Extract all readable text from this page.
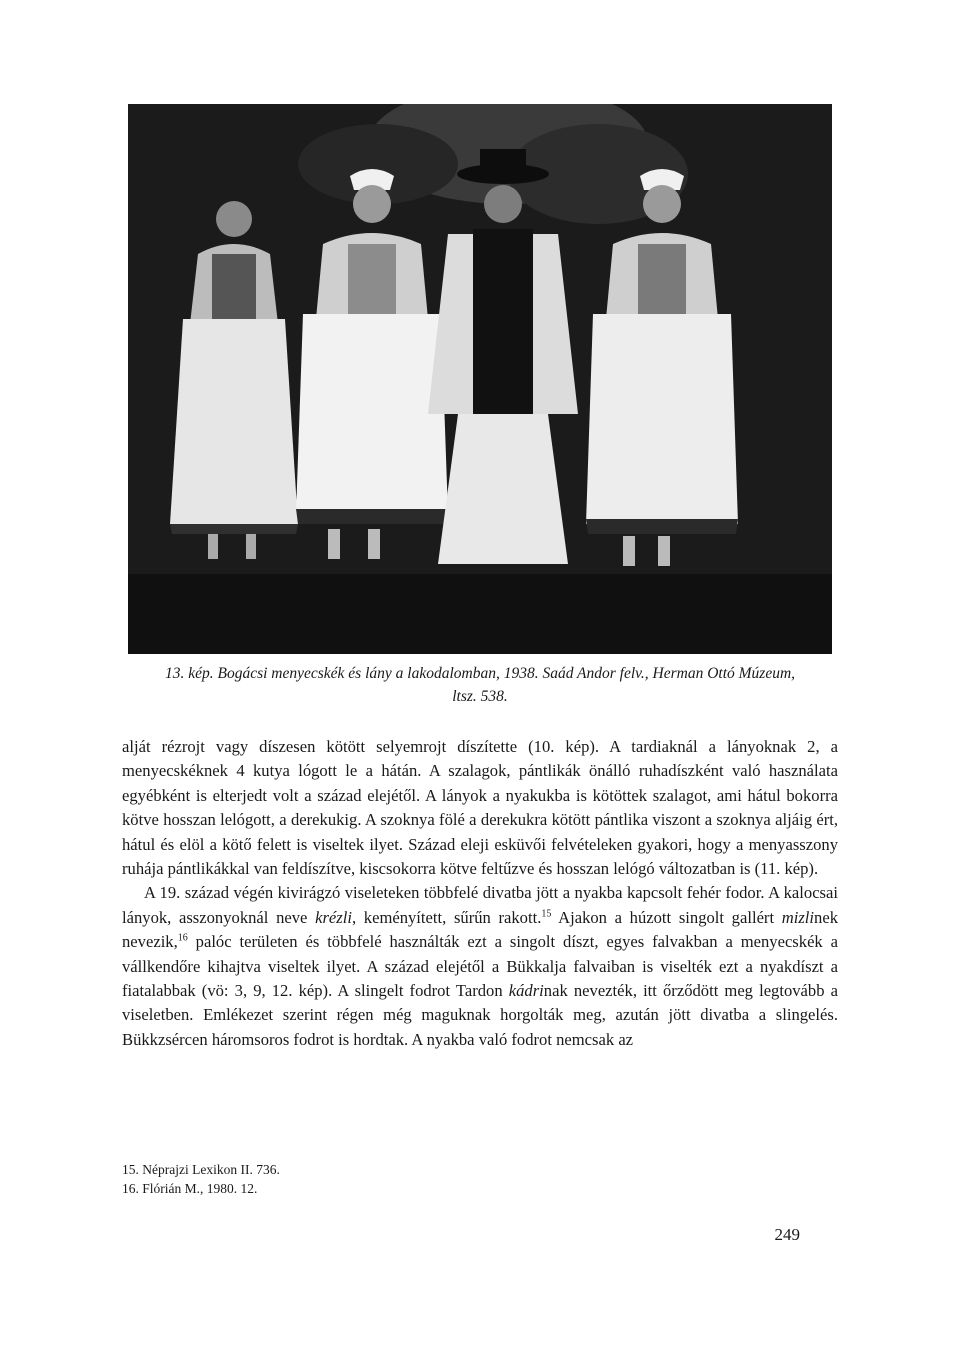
13. kép. Bogácsi menyecskék és lány a lakodalomban, 1938. Saád Andor felv., Herman Ottó Múzeum,
ltsz. 538.

alját rézrojt vagy díszesen kötött selyemrojt díszítette (10. kép). A tardiaknál a lányoknak 2, a menyecskéknek 4 kutya lógott le a hátán. A szalagok, pántlikák önálló ruhadíszként való használata egyébként is elterjedt volt a század elejétől. A lányok a nyakukba is kötöttek szalagot, ami hátul bokorra kötve hosszan lelógott, a derekukig. A szoknya fölé a derekukra kötött pántlika viszont a szoknya aljáig ért, hátul és elöl a kötő felett is viseltek ilyet. Század eleji esküvői felvételeken gyakori, hogy a menyasszony ruhája pántlikákkal van feldíszítve, kiscsokorra kötve feltűzve és hosszan lelógó változatban is (11. kép).

A 19. század végén kivirágzó viseleteken többfelé divatba jött a nyakba kapcsolt fehér fodor. A kalocsai lányok, asszonyoknál neve krézli, keményített, sűrűn rakott.$^{15}$ Ajakon a húzott singolt gallért mizlinek nevezik,$^{16}$ palóc területen és többfelé használták ezt a singolt díszt, egyes falvakban a menyecskék a vállkendőre kihajtva viseltek ilyet. A század elejétől a Bükkalja falvaiban is viselték ezt a nyakdíszt a fiatalabbak (vö: 3, 9, 12. kép). A slingelt fodrot Tardon kádrinak nevezték, itt őrződött meg legtovább a viseletben. Emlékezet szerint régen még maguknak horgolták meg, azután jött divatba a slingelés. Bükkzsércen háromsoros fodrot is hordtak. A nyakba való fodrot nemcsak az

15. Néprajzi Lexikon II. 736.
16. Flórián M., 1980. 12.
249
